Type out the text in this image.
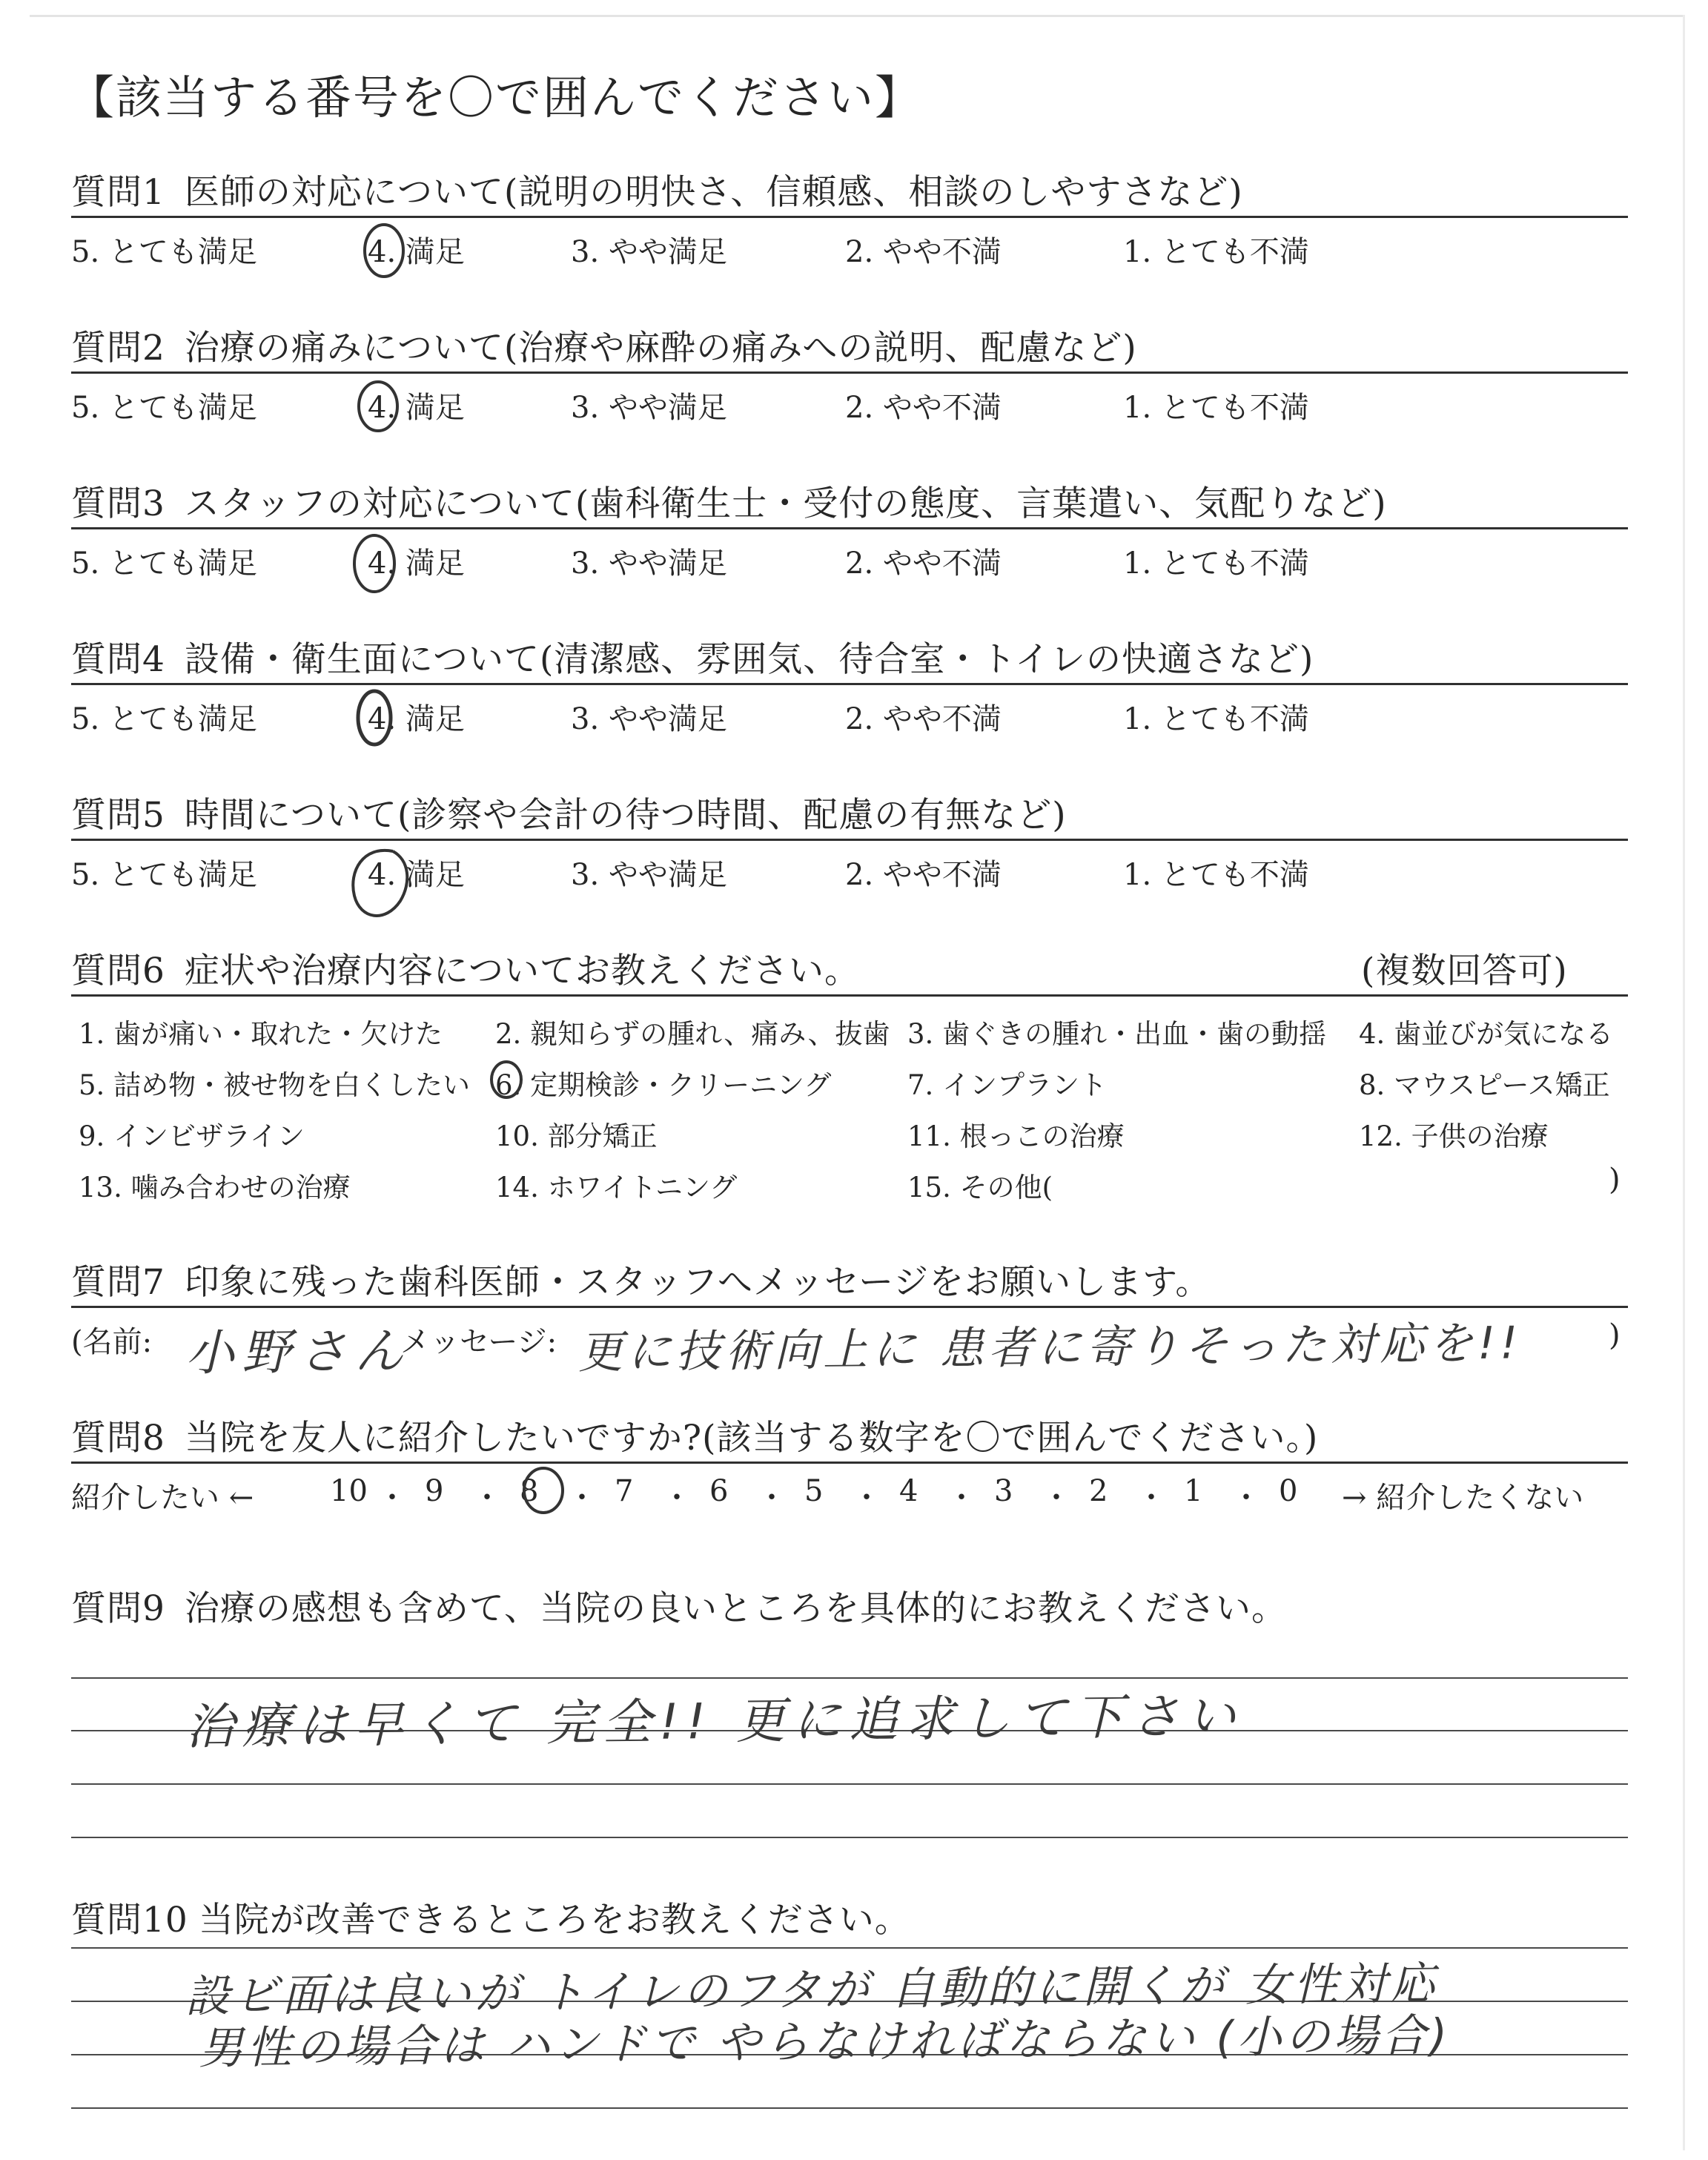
【該当する番号を〇で囲んでください】
質問1 医師の対応について(説明の明快さ、信頼感、相談のしやすさなど)
5. とても満足	4. 満足	3. やや満足	2. やや不満	1. とても不満
質問2 治療の痛みについて(治療や麻酔の痛みへの説明、配慮など)
5. とても満足	4. 満足	3. やや満足	2. やや不満	1. とても不満
質問3 スタッフの対応について(歯科衛生士・受付の態度、言葉遣い、気配りなど)
5. とても満足	4. 満足	3. やや満足	2. やや不満	1. とても不満
質問4 設備・衛生面について(清潔感、雰囲気、待合室・トイレの快適さなど)
5. とても満足	4. 満足	3. やや満足	2. やや不満	1. とても不満
質問5 時間について(診察や会計の待つ時間、配慮の有無など)
5. とても満足	4. 満足	3. やや満足	2. やや不満	1. とても不満
質問6 症状や治療内容についてお教えください。	(複数回答可)
1. 歯が痛い・取れた・欠けた 2. 親知らずの腫れ、痛み、抜歯 3. 歯ぐきの腫れ・出血・歯の動揺 4. 歯並びが気になる
5. 詰め物・被せ物を白くしたい 6. 定期検診・クリーニング	7. インプラント	8. マウスピース矯正
9. インビザライン	10. 部分矯正	11. 根っこの治療	12. 子供の治療
13. 噛み合わせの治療	14. ホワイトニング	15. その他(	)
質問7 印象に残った歯科医師・スタッフへメッセージをお願いします。
(名前: 小野さん
メッセージ: 更に技術向上に 患者に寄りそった対応を!!	)
質問8 当院を友人に紹介したいですか?(該当する数字を〇で囲んでください。)
紹介したい ←	10 ・ 9 ・ 8 ・ 7 ・ 6 ・ 5 ・ 4 ・ 3 ・ 2 ・ 1 ・ 0 → 紹介したくない
質問9 治療の感想も含めて、当院の良いところを具体的にお教えください。
治療は早くて 完全!! 更に追求して下さい
質問10 当院が改善できるところをお教えください。
設ビ面は良いが トイレのフタが 自動的に開くが 女性対応
男性の場合は ハンドで やらなければならない (小の場合)
